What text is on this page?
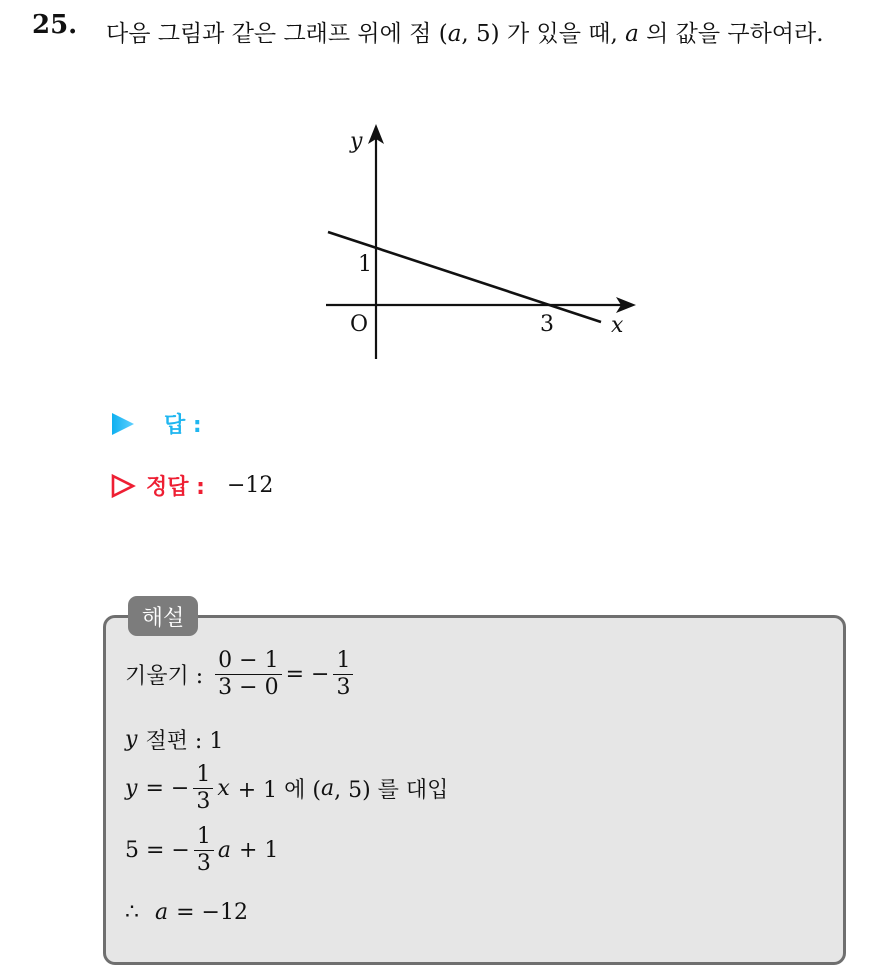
25. 다음 그림과 같은 그래프 위에 점 (a, 5) 가 있을 때, a 의 값을 구하여라.
y
x
O
1
3
답 :
정답 : −12
해설
기울기 : $\frac{0 - 1}{3 - 0}$ = − $\frac{1}{3}$
y 절편 : 1
y = − $\frac{1}{3}$ x + 1 에 ( a , 5) 를 대입
5 = − $\frac{1}{3}$ a + 1
∴ a = −12
